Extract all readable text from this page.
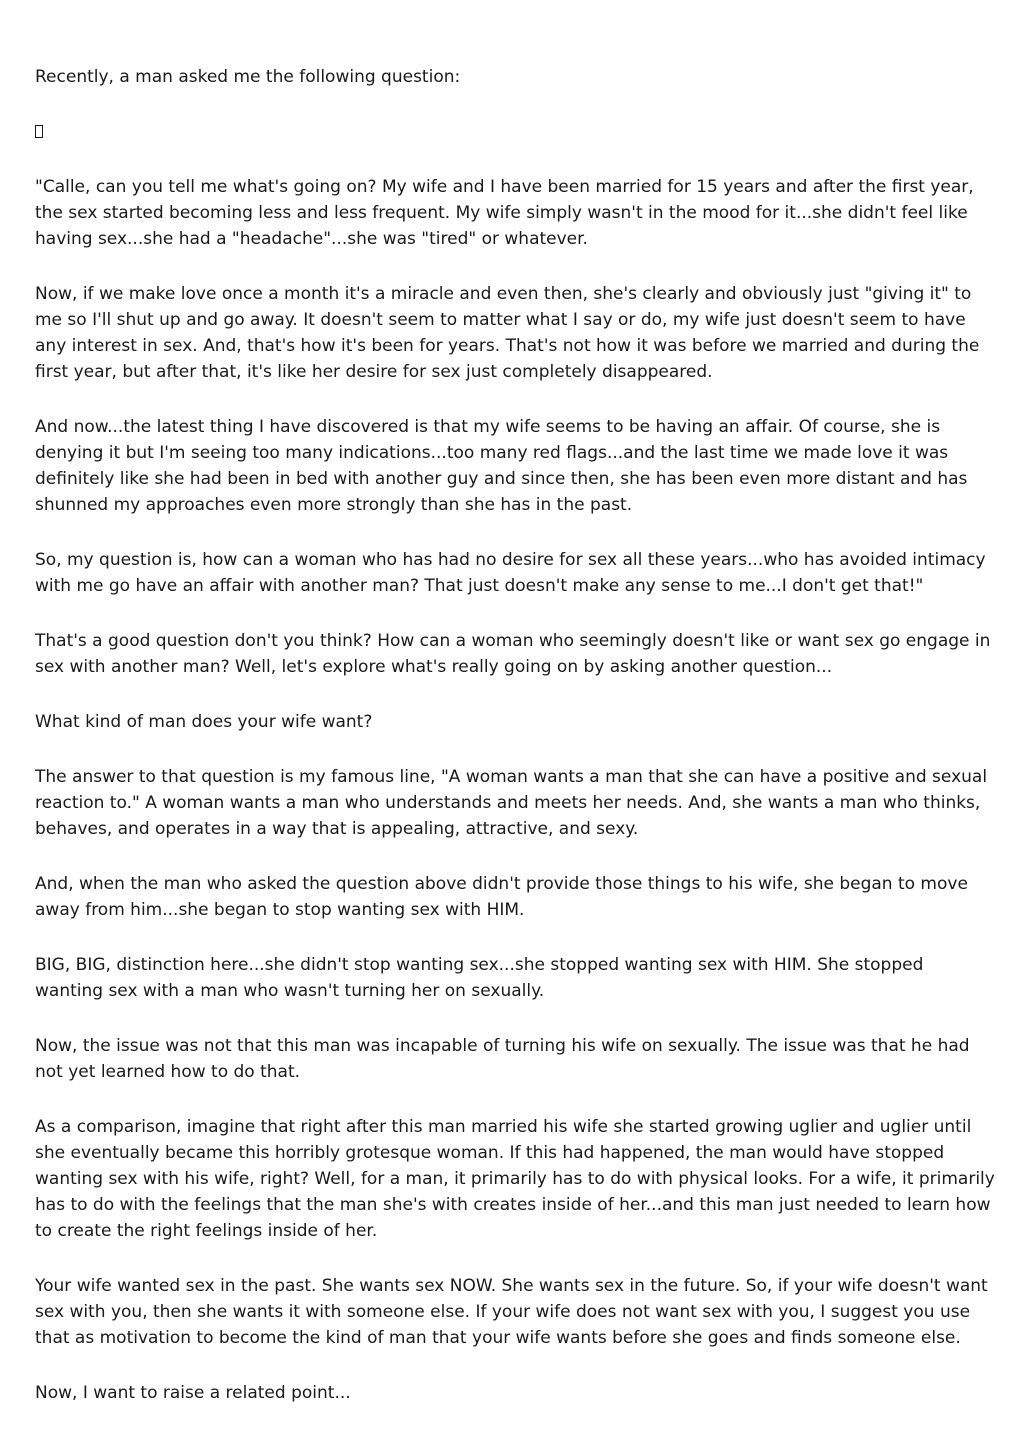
Recently, a man asked me the following question:

"Calle, can you tell me what's going on? My wife and I have been married for 15 years and after the first year, the sex started becoming less and less frequent. My wife simply wasn't in the mood for it...she didn't feel like having sex...she had a "headache"...she was "tired" or whatever.

Now, if we make love once a month it's a miracle and even then, she's clearly and obviously just "giving it" to me so I'll shut up and go away. It doesn't seem to matter what I say or do, my wife just doesn't seem to have any interest in sex. And, that's how it's been for years. That's not how it was before we married and during the first year, but after that, it's like her desire for sex just completely disappeared.

And now...the latest thing I have discovered is that my wife seems to be having an affair. Of course, she is denying it but I'm seeing too many indications...too many red flags...and the last time we made love it was definitely like she had been in bed with another guy and since then, she has been even more distant and has shunned my approaches even more strongly than she has in the past.

So, my question is, how can a woman who has had no desire for sex all these years...who has avoided intimacy with me go have an affair with another man? That just doesn't make any sense to me...I don't get that!"

That's a good question don't you think? How can a woman who seemingly doesn't like or want sex go engage in sex with another man? Well, let's explore what's really going on by asking another question...

What kind of man does your wife want?

The answer to that question is my famous line, "A woman wants a man that she can have a positive and sexual reaction to." A woman wants a man who understands and meets her needs. And, she wants a man who thinks, behaves, and operates in a way that is appealing, attractive, and sexy.

And, when the man who asked the question above didn't provide those things to his wife, she began to move away from him...she began to stop wanting sex with HIM.

BIG, BIG, distinction here...she didn't stop wanting sex...she stopped wanting sex with HIM. She stopped wanting sex with a man who wasn't turning her on sexually.

Now, the issue was not that this man was incapable of turning his wife on sexually. The issue was that he had not yet learned how to do that.

As a comparison, imagine that right after this man married his wife she started growing uglier and uglier until she eventually became this horribly grotesque woman. If this had happened, the man would have stopped wanting sex with his wife, right? Well, for a man, it primarily has to do with physical looks. For a wife, it primarily has to do with the feelings that the man she's with creates inside of her...and this man just needed to learn how to create the right feelings inside of her.

Your wife wanted sex in the past. She wants sex NOW. She wants sex in the future. So, if your wife doesn't want sex with you, then she wants it with someone else. If your wife does not want sex with you, I suggest you use that as motivation to become the kind of man that your wife wants before she goes and finds someone else.

Now, I want to raise a related point...
